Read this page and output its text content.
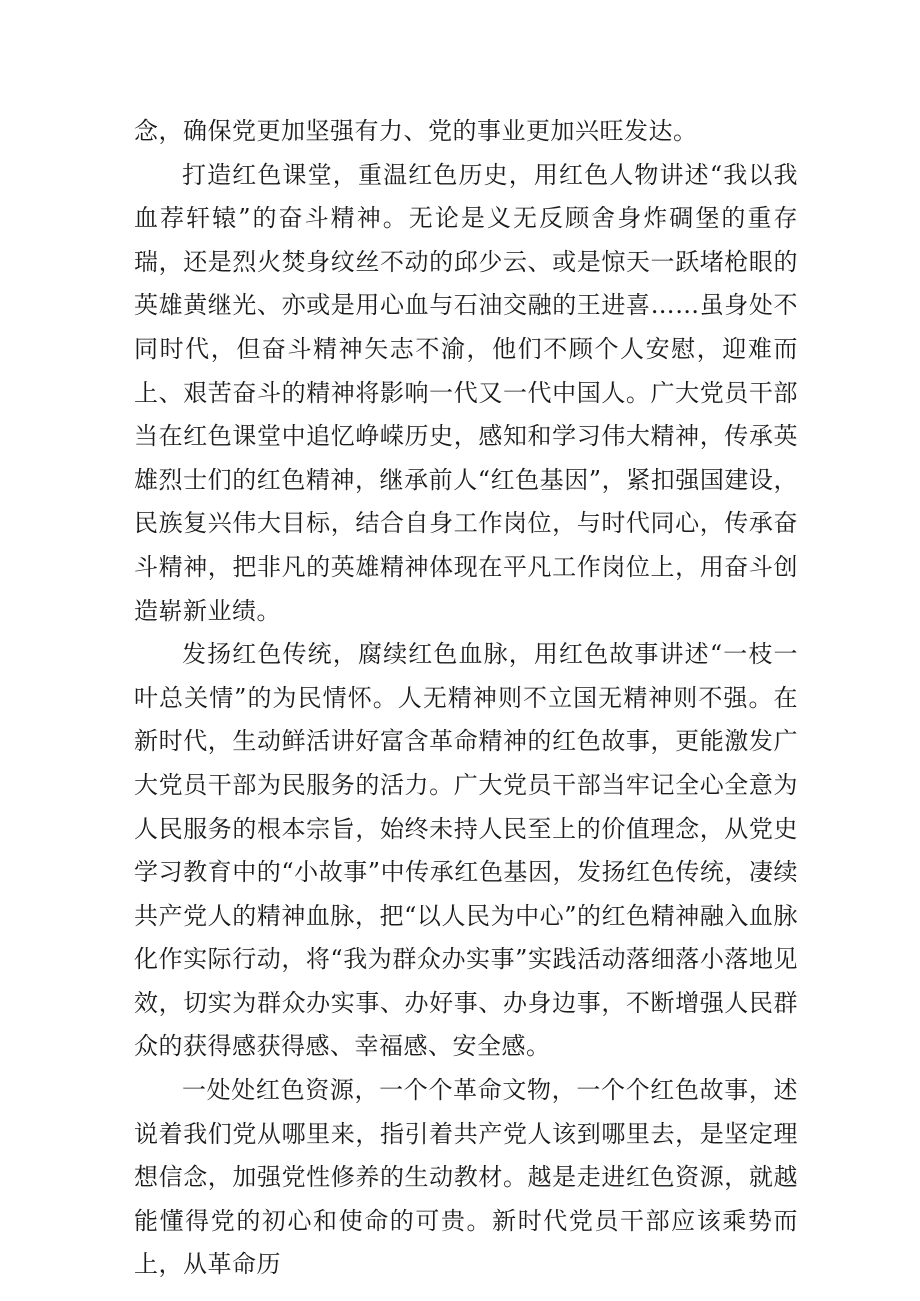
念，确保党更加坚强有力、党的事业更加兴旺发达。

打造红色课堂，重温红色历史，用红色人物讲述“我以我血荐轩辕”的奋斗精神。无论是义无反顾舍身炸碉堡的重存瑞，还是烈火焚身纹丝不动的邱少云、或是惊天一跃堵枪眼的英雄黄继光、亦或是用心血与石油交融的王进喜……虽身处不同时代，但奋斗精神矢志不渝，他们不顾个人安慰，迎难而上、艰苦奋斗的精神将影响一代又一代中国人。广大党员干部当在红色课堂中追忆峥嵘历史，感知和学习伟大精神，传承英雄烈士们的红色精神，继承前人“红色基因”，紧扣强国建设，民族复兴伟大目标，结合自身工作岗位，与时代同心，传承奋斗精神，把非凡的英雄精神体现在平凡工作岗位上，用奋斗创造崭新业绩。

发扬红色传统，腐续红色血脉，用红色故事讲述“一枝一叶总关情”的为民情怀。人无精神则不立国无精神则不强。在新时代，生动鲜活讲好富含革命精神的红色故事，更能激发广大党员干部为民服务的活力。广大党员干部当牢记全心全意为人民服务的根本宗旨，始终未持人民至上的价值理念，从党史学习教育中的“小故事”中传承红色基因，发扬红色传统，凄续共产党人的精神血脉，把“以人民为中心”的红色精神融入血脉化作实际行动，将“我为群众办实事”实践活动落细落小落地见效，切实为群众办实事、办好事、办身边事，不断增强人民群众的获得感获得感、幸福感、安全感。

一处处红色资源，一个个革命文物，一个个红色故事，述说着我们党从哪里来，指引着共产党人该到哪里去，是坚定理想信念，加强党性修养的生动教材。越是走进红色资源，就越能懂得党的初心和使命的可贵。新时代党员干部应该乘势而上，从革命历
